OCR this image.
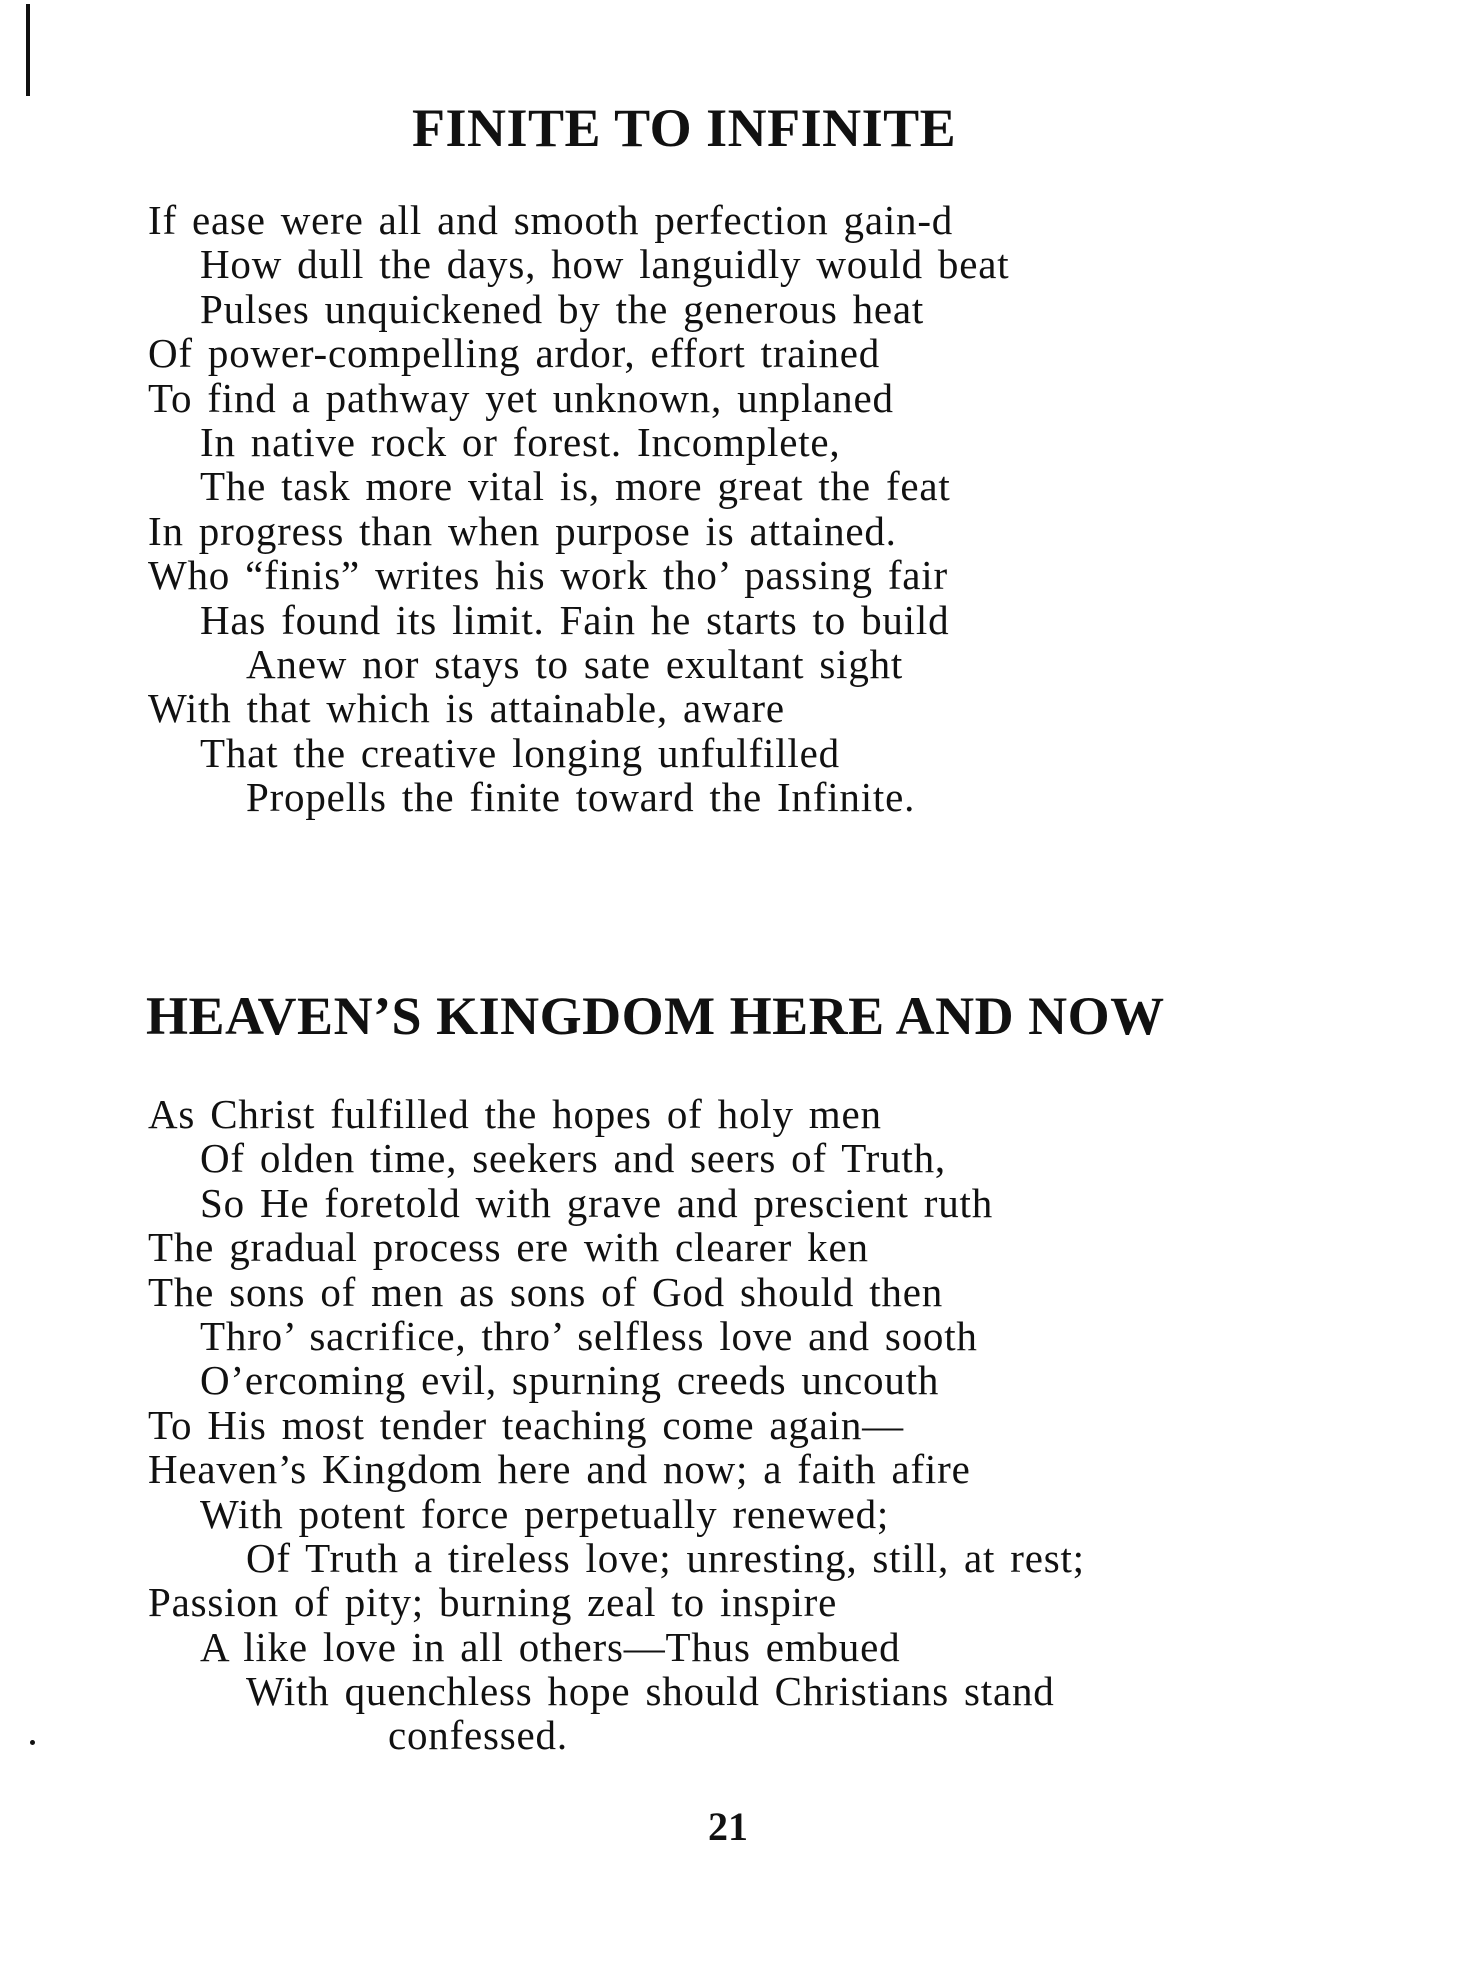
FINITE TO INFINITE
If ease were all and smooth perfection gain-d
How dull the days, how languidly would beat
Pulses unquickened by the generous heat
Of power-compelling ardor, effort trained
To find a pathway yet unknown, unplaned
In native rock or forest. Incomplete,
The task more vital is, more great the feat
In progress than when purpose is attained.
Who “finis” writes his work tho’ passing fair
Has found its limit. Fain he starts to build
Anew nor stays to sate exultant sight
With that which is attainable, aware
That the creative longing unfulfilled
Propells the finite toward the Infinite.
HEAVEN’S KINGDOM HERE AND NOW
As Christ fulfilled the hopes of holy men
Of olden time, seekers and seers of Truth,
So He foretold with grave and prescient ruth
The gradual process ere with clearer ken
The sons of men as sons of God should then
Thro’ sacrifice, thro’ selfless love and sooth
O’ercoming evil, spurning creeds uncouth
To His most tender teaching come again—
Heaven’s Kingdom here and now; a faith afire
With potent force perpetually renewed;
Of Truth a tireless love; unresting, still, at rest;
Passion of pity; burning zeal to inspire
A like love in all others—Thus embued
With quenchless hope should Christians stand
confessed.

21
